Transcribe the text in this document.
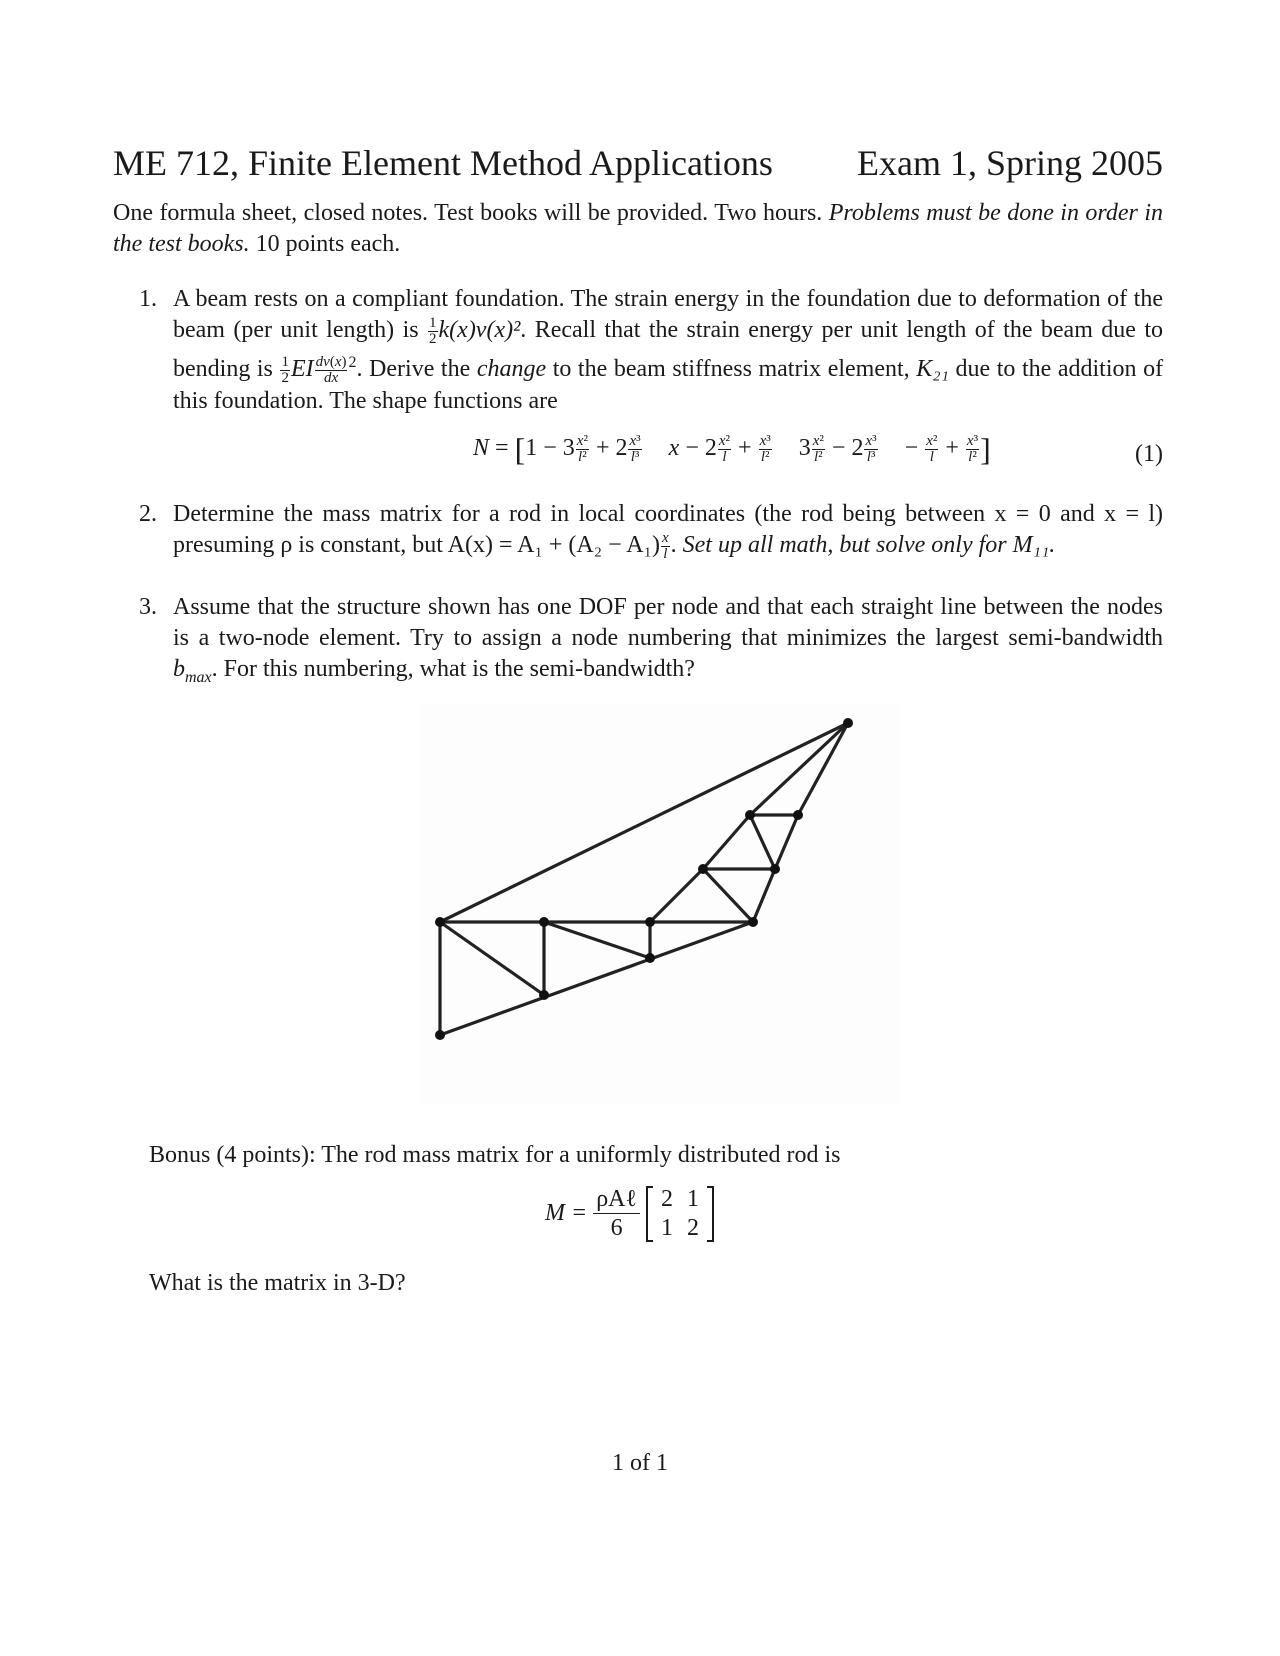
ME 712, Finite Element Method Applications Exam 1, Spring 2005
One formula sheet, closed notes. Test books will be provided. Two hours. Problems must be done in order in the test books. 10 points each.
1. A beam rests on a compliant foundation. The strain energy in the foundation due to deformation of the beam (per unit length) is $\frac{1}{2} k(x)v(x)^2$. Recall that the strain energy per unit length of the beam due to bending is $\frac{1}{2}$ EI $\frac{dv(x)}{dx} ^2$. Derive the change to the beam stiffness matrix element, K₂₁ due to the addition of this foundation. The shape functions are
$N = [1 - 3 \frac{\text{x²}}{\text{l²}} + 2 \frac{\text{x³}}{\text{l³}}$ $x - 2 \frac{\text{x²}}{l} + \frac{\text{x³}}{\text{l²}} 3 \frac{\text{x²}}{\text{l²}} - 2 \frac{\text{x³}}{\text{l³}} - \frac{\text{x²}}{l} + \frac{\text{x³}}{\text{l²}}$ ]	(1)
2. Determine the mass matrix for a rod in local coordinates (the rod being between x = 0 and x = l) presuming ρ is constant, but $A(x) = A_1 + (A_2 - A_1) \frac{x}{l}$ . Set up all math, but solve only for M₁₁.
3. Assume that the structure shown has one DOF per node and that each straight line between the nodes is a two-node element. Try to assign a node numbering that minimizes the largest semi-bandwidth $b_{max}$. For this numbering, what is the semi-bandwidth?
Bonus (4 points): The rod mass matrix for a uniformly distributed rod is
M =
ρAℓ
6
2 1
1 2
What is the matrix in 3-D?
1 of 1
